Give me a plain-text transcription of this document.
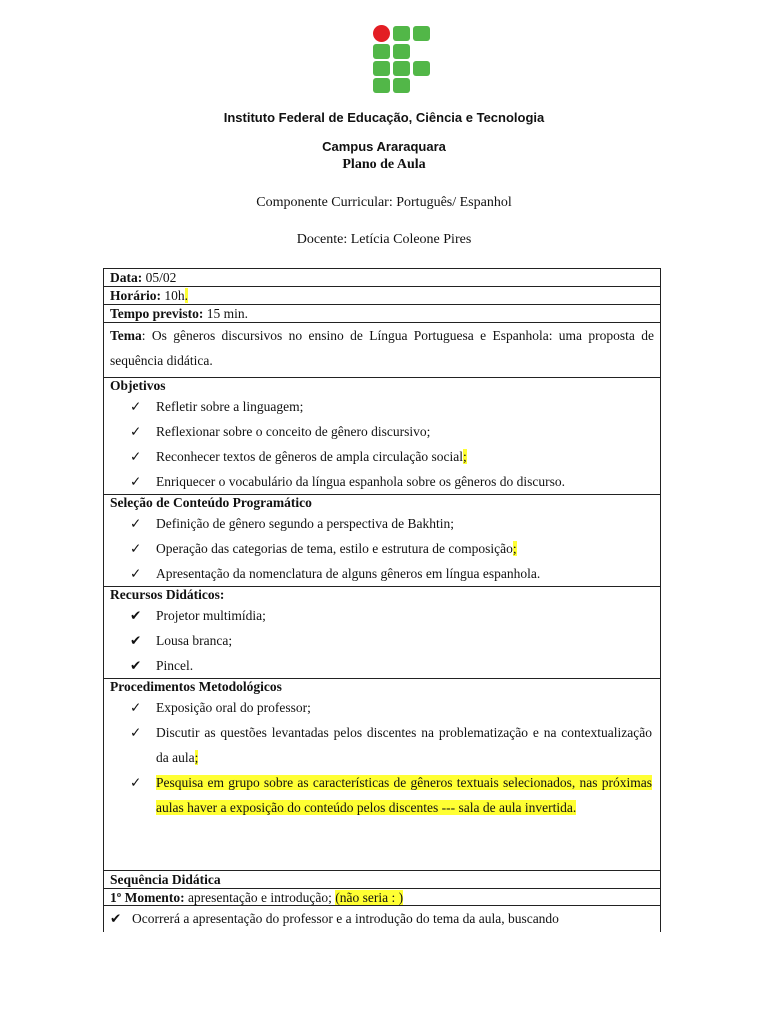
Instituto Federal de Educação, Ciência e Tecnologia
Campus Araraquara
Plano de Aula
Componente Curricular: Português/ Espanhol
Docente: Letícia Coleone Pires
Data: 05/02
Horário: 10h.
Tempo previsto: 15 min.
Tema: Os gêneros discursivos no ensino de Língua Portuguesa e Espanhola: uma proposta de sequência didática.
Objetivos
✓ Refletir sobre a linguagem;
✓ Reflexionar sobre o conceito de gênero discursivo;
✓ Reconhecer textos de gêneros de ampla circulação social;
✓ Enriquecer o vocabulário da língua espanhola sobre os gêneros do discurso.
Seleção de Conteúdo Programático
✓ Definição de gênero segundo a perspectiva de Bakhtin;
✓ Operação das categorias de tema, estilo e estrutura de composição;
✓ Apresentação da nomenclatura de alguns gêneros em língua espanhola.
Recursos Didáticos:
✔ Projetor multimídia;
✔ Lousa branca;
✔ Pincel.
Procedimentos Metodológicos
✓ Exposição oral do professor;
✓ Discutir as questões levantadas pelos discentes na problematização e na contextualização da aula;
✓ Pesquisa em grupo sobre as características de gêneros textuais selecionados, nas próximas aulas haver a exposição do conteúdo pelos discentes --- sala de aula invertida.
Sequência Didática
1º Momento: apresentação e introdução; (não seria : )
✔ Ocorrerá a apresentação do professor e a introdução do tema da aula, buscando
